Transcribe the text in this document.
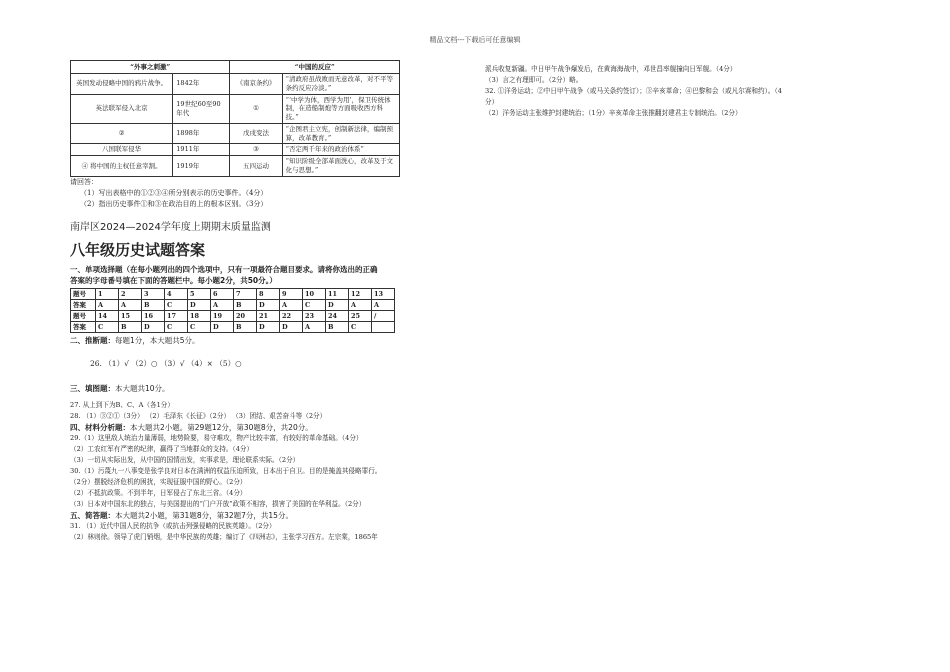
精品文档---下载后可任意编辑
“外事之刺激”		“中国的反应”	
英国发动侵略中国的鸦片战争。	1842年	《南京条约》	“清政府虽战败而无意改革，对不平等条约反应冷淡。”
英法联军侵入北京	19世纪60至90年代	①	“‘中学为体，西学为用’，保卫传统体制，在造船制炮等方面吸收西方科技。”
②	1898年	戊戌变法	“企图君主立宪，创制新法律，编制预算，改革教育。”
八国联军侵华	1911年	③	“否定两千年来的政治体系”
④ 将中国的主权任意宰割。	1919年	五四运动	“知识阶级全部革面洗心，改革及于文化与思想。”

请回答：

（1）写出表格中的①②③④所分别表示的历史事件。（4分）

（2）指出历史事件①和③在政治目的上的根本区别。（3分）

南岸区2024—2024学年度上期期末质量监测
八年级历史试题答案

一、单项选择题（在每小题列出的四个选项中，只有一项最符合题目要求。请将你选出的正确

答案的字母番号填在下面的答题栏中。每小题2分，共50分。）

题号	1	2	3	4	5	6	7	8	9	10	11	12	13
答案	A	A	B	C	D	A	B	D	A	C	D	A	A
题号	14	15	16	17	18	19	20	21	22	23	24	25	/
答案	C	B	D	C	C	D	B	D	D	A	B	C	

二、推断题：每题1分，本大题共5分。

26. （1）√ （2）○ （3）√ （4）× （5）○

三、填图题：本大题共10分。

27. 从上到下为B、C、A（各1分）

28. （1）③②①（3分） （2）毛泽东《长征》（2分） （3）团结、艰苦奋斗等（2分）

四、材料分析题：本大题共2小题。第29题12分，第30题8分，共20分。

29.（1）这里敌人统治力量薄弱，地势险要，易守难攻，物产比较丰富，有较好的革命基础。（4分）

（2）工农红军有严密的纪律，赢得了当地群众的支持。（4分）

（3）一切从实际出发，从中国的国情出发，实事求是，理论联系实际。（2分）

30.（1）污蔑九一八事变是张学良对日本在满洲的权益压迫所致，日本出于自卫。目的是掩盖其侵略罪行。

（2分）摆脱经济危机的困扰，实现征服中国的野心。（2分）

（2）不抵抗政策。不到半年，日军侵占了东北三省。（4分）

（3）日本对中国东北的独占，与美国提出的“门户开放”政策不相容，损害了美国的在华利益。（2分）

五、简答题：本大题共2小题，第31题8分，第32题7分，共15分。

31. （1）近代中国人民的抗争（或抗击列强侵略的民族英雄）。（2分）

（2）林则徐。领导了虎门销烟，是中华民族的英雄；编订了《四洲志》，主张学习西方。左宗棠，1865年

派兵收复新疆。中日甲午战争爆发后，在黄海海战中，邓世昌率舰撞向日军舰。（4分）

（3）言之有理即可。（2分）略。

32. ①洋务运动；②中日甲午战争（或马关条约签订）；③辛亥革命；④巴黎和会（或凡尔赛和约）。（4

分）

（2）洋务运动主张维护封建统治；（1分）辛亥革命主张推翻封建君主专制统治。（2分）
